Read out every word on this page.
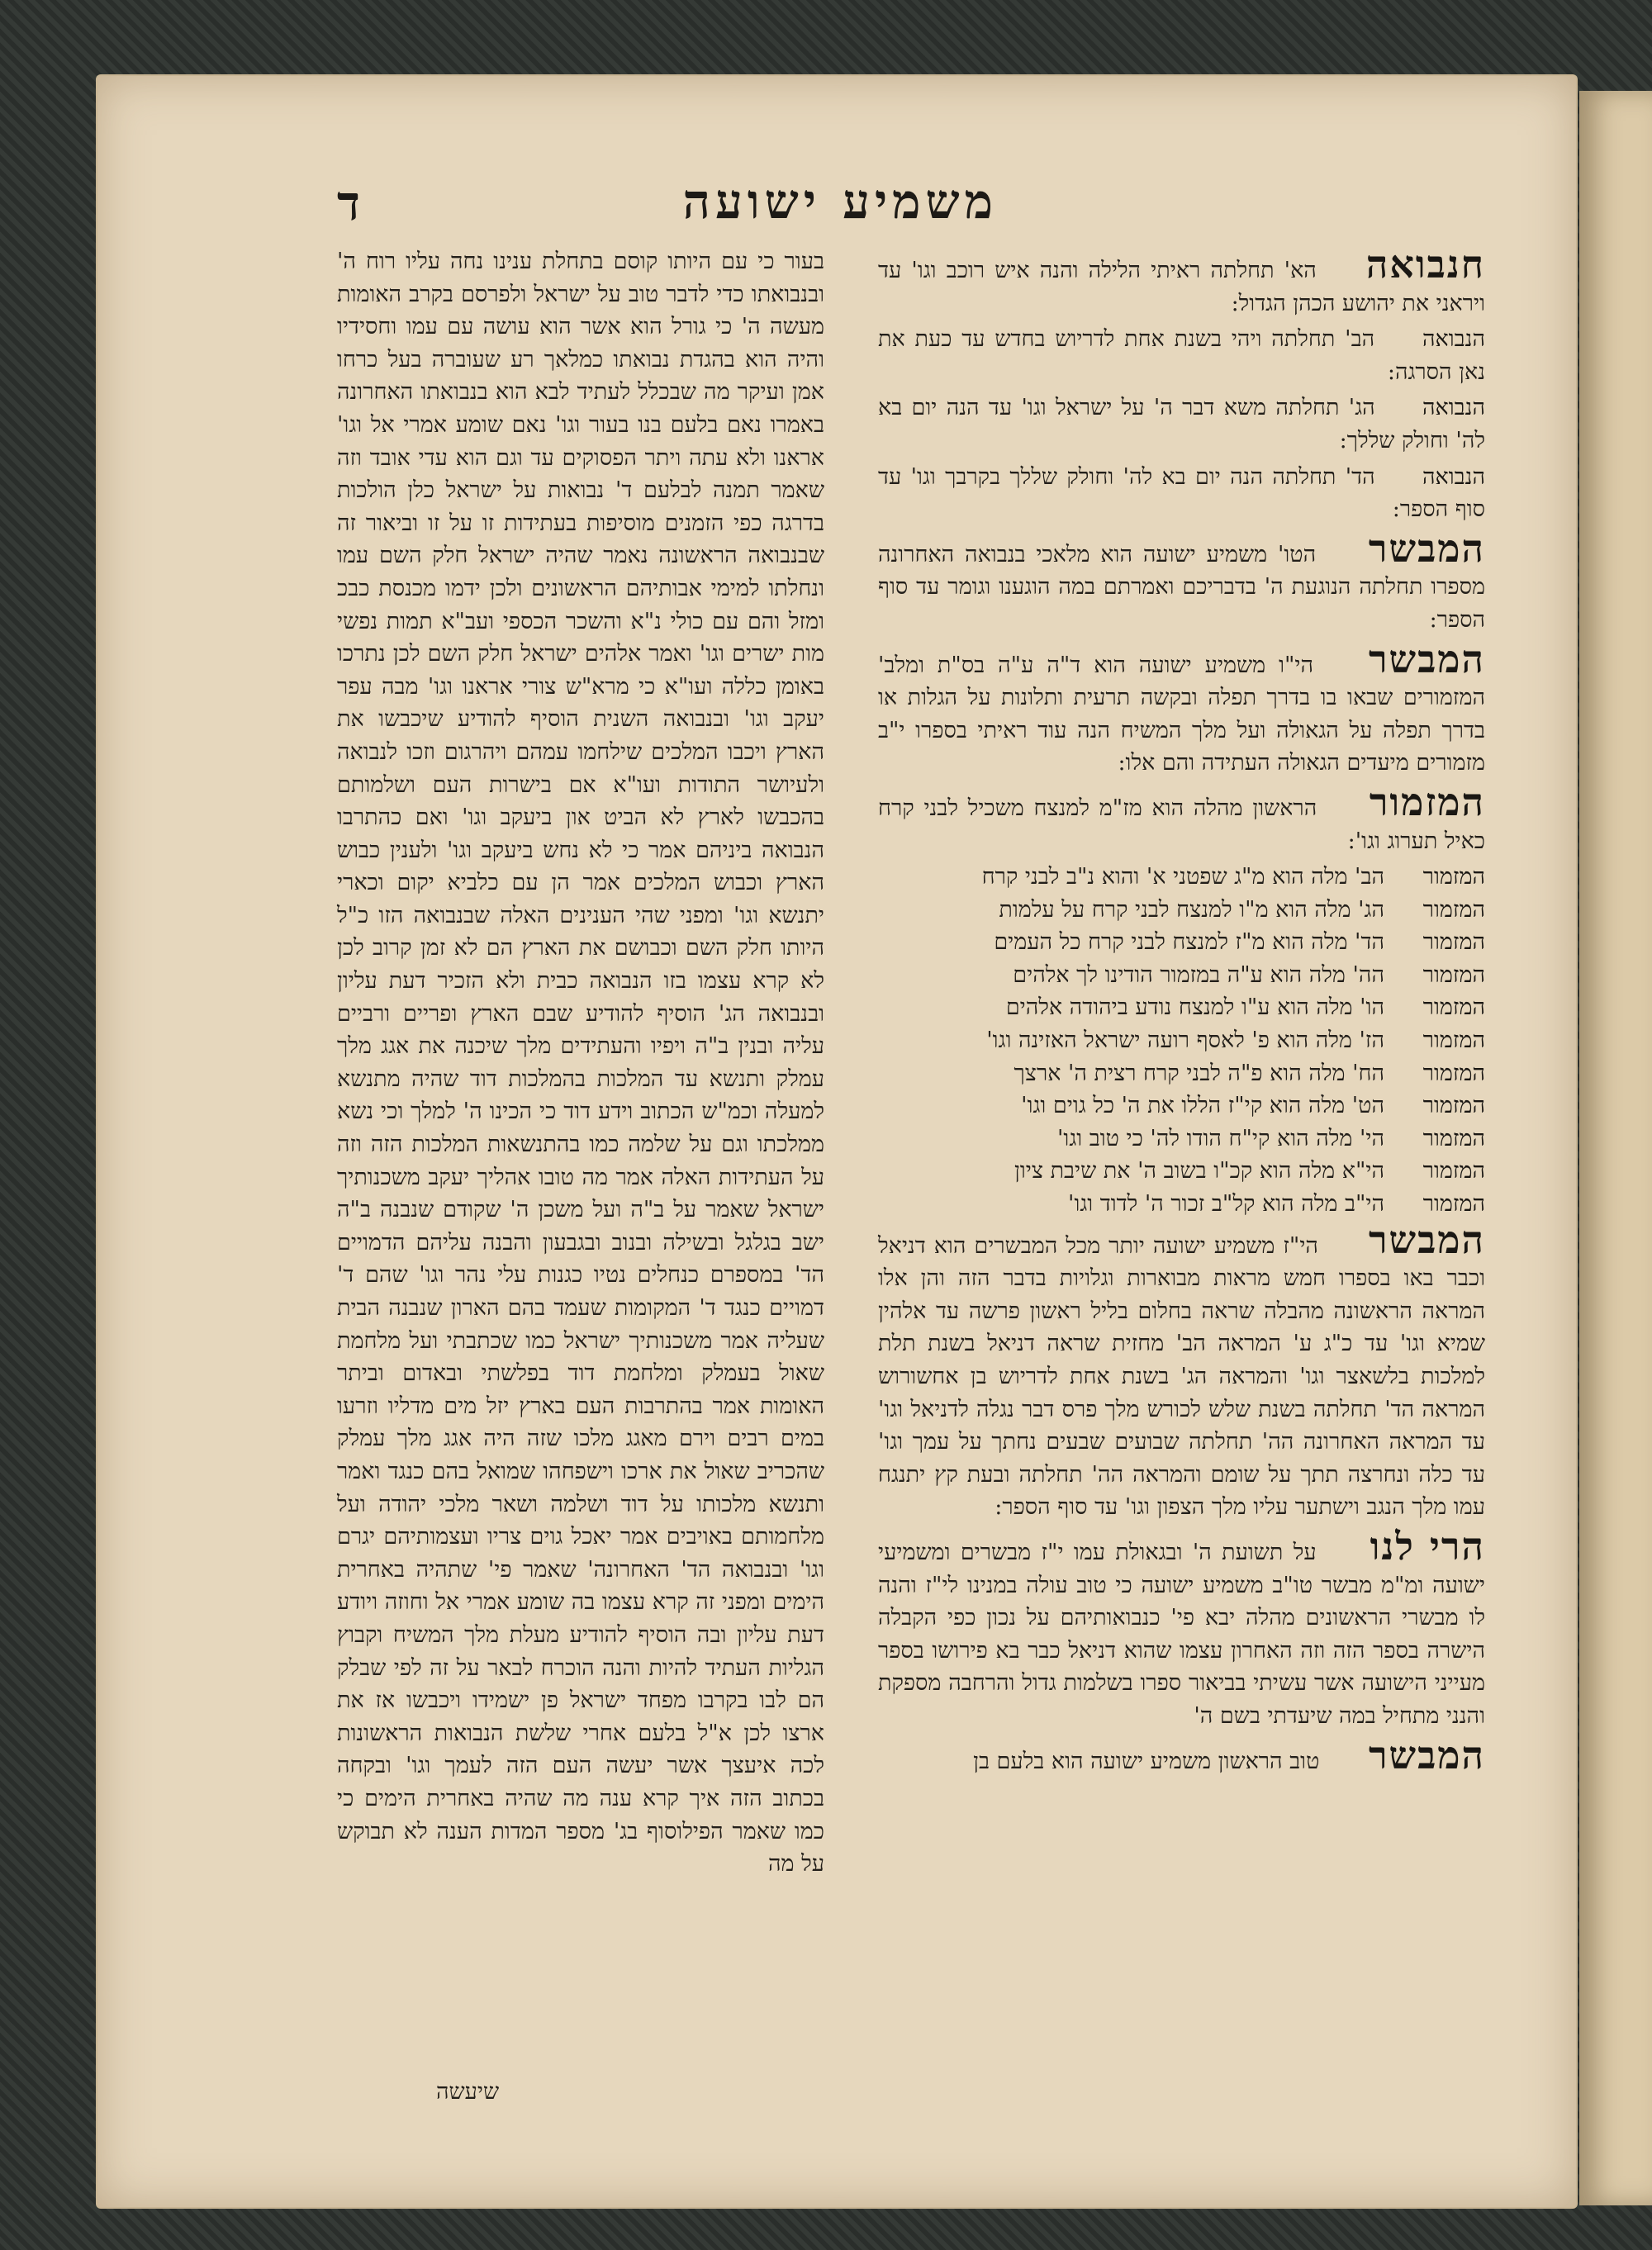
משמיע ישועה
ד
חנבואה הא' תחלתה ראיתי הלילה והנה איש רוכב וגו' עד ויראני את יהושע הכהן הגדול:
הנבואה הב' תחלתה ויהי בשנת אחת לדריוש בחדש עד כעת את נאן הסרגה:
הנבואה הג' תחלתה משא דבר ה' על ישראל וגו' עד הנה יום בא לה' וחולק שללך:
הנבואה הד' תחלתה הנה יום בא לה' וחולק שללך בקרבך וגו' עד סוף הספר:
המבשר הטו' משמיע ישועה הוא מלאכי בנבואה האחרונה מספרו תחלתה הנוגעת ה' בדבריכם ואמרתם במה הוגענו וגומר עד סוף הספר:
המבשר הי"ו משמיע ישועה הוא ד"ה ע"ה בס"ת ומלב' המזמורים שבאו בו בדרך תפלה ובקשה תרעית ותלונות על הגלות או בדרך תפלה על הגאולה ועל מלך המשיח הנה עוד ראיתי בספרו י"ב מזמורים מיעדים הגאולה העתידה והם אלו:
המזמור הראשון מהלה הוא מז"מ למנצח משכיל לבני קרח כאיל תערוג וגו':
המזמורהב' מלה הוא מ"ג שפטני א' והוא נ"ב לבני קרח
המזמורהג' מלה הוא מ"ו למנצח לבני קרח על עלמות
המזמורהד' מלה הוא מ"ז למנצח לבני קרח כל העמים
המזמורהה' מלה הוא ע"ה במזמור הודינו לך אלהים
המזמורהו' מלה הוא ע"ו למנצח נודע ביהודה אלהים
המזמורהז' מלה הוא פ' לאסף רועה ישראל האזינה וגו'
המזמורהח' מלה הוא פ"ה לבני קרח רצית ה' ארצך
המזמורהט' מלה הוא קי"ז הללו את ה' כל גוים וגו'
המזמורהי' מלה הוא קי"ח הודו לה' כי טוב וגו'
המזמורהי"א מלה הוא קכ"ו בשוב ה' את שיבת ציון
המזמורהי"ב מלה הוא קל"ב זכור ה' לדוד וגו'
המבשר הי"ז משמיע ישועה יותר מכל המבשרים הוא דניאל וכבר באו בספרו חמש מראות מבוארות וגלויות בדבר הזה והן אלו המראה הראשונה מהבלה שראה בחלום בליל ראשון פרשה עד אלהין שמיא וגו' עד כ"ג ע' המראה הב' מחזית שראה דניאל בשנת תלת למלכות בלשאצר וגו' והמראה הג' בשנת אחת לדריוש בן אחשורוש המראה הד' תחלתה בשנת שלש לכורש מלך פרס דבר נגלה לדניאל וגו' עד המראה האחרונה הה' תחלתה שבועים שבעים נחתך על עמך וגו' עד כלה ונחרצה תתך על שומם והמראה הה' תחלתה ובעת קץ יתנגח עמו מלך הנגב וישתער עליו מלך הצפון וגו' עד סוף הספר:
הרי לנו על תשועת ה' ובגאולת עמו י"ז מבשרים ומשמיעי ישועה ומ"מ מבשר טו"ב משמיע ישועה כי טוב עולה במנינו לי"ז והנה לו מבשרי הראשונים מהלה יבא פי' כנבואותיהם על נכון כפי הקבלה הישרה בספר הזה וזה האחרון עצמו שהוא דניאל כבר בא פירושו בספר מעייני הישועה אשר עשיתי בביאור ספרו בשלמות גדול והרחבה מספקת והנני מתחיל במה שיעדתי בשם ה'
המבשר טוב הראשון משמיע ישועה הוא בלעם בן
בעור כי עם היותו קוסם בתחלת ענינו נחה עליו רוח ה' ובנבואתו כדי לדבר טוב על ישראל ולפרסם בקרב האומות מעשה ה' כי גורל הוא אשר הוא עושה עם עמו וחסידיו והיה הוא בהגדת נבואתו כמלאך רע שעוברה בעל כרחו אמן ועיקר מה שבכלל לעתיד לבא הוא בנבואתו האחרונה באמרו נאם בלעם בנו בעור וגו' נאם שומע אמרי אל וגו' אראנו ולא עתה ויתר הפסוקים עד וגם הוא עדי אובד וזה שאמר תמנה לבלעם ד' נבואות על ישראל כלן הולכות בדרגה כפי הזמנים מוסיפות בעתידות זו על זו וביאור זה שבנבואה הראשונה נאמר שהיה ישראל חלק השם עמו ונחלתו למימי אבותיהם הראשונים ולכן ידמו מכנסת כבכ ומזל והם עם כולי נ"א והשכר הכספי ועב"א תמות נפשי מות ישרים וגו' ואמר אלהים ישראל חלק השם לכן נתרכו באומן כללה ועו"א כי מרא"ש צורי אראנו וגו' מבה עפר יעקב וגו' ובנבואה השנית הוסיף להודיע שיכבשו את הארץ ויכבו המלכים שילחמו עמהם ויהרגום וזכו לנבואה ולעיושר התודות ועו"א אם בישרות העם ושלמותם בהכבשו לארץ לא הביט און ביעקב וגו' ואם כהתרבו הנבואה ביניהם אמר כי לא נחש ביעקב וגו' ולענין כבוש הארץ וכבוש המלכים אמר הן עם כלביא יקום וכארי יתנשא וגו' ומפני שהי הענינים האלה שבנבואה הזו כ"ל היותו חלק השם וכבושם את הארץ הם לא זמן קרוב לכן לא קרא עצמו בזו הנבואה כבית ולא הזכיר דעת עליון ובנבואה הג' הוסיף להודיע שבם הארץ ופריים ורביים עליה ובנין ב"ה ויפיו והעתידים מלך שיכנה את אגג מלך עמלק ותנשא עד המלכות בהמלכות דוד שהיה מתנשא למעלה וכמ"ש הכתוב וידע דוד כי הכינו ה' למלך וכי נשא ממלכתו וגם על שלמה כמו בהתנשאות המלכות הזה וזה על העתידות האלה אמר מה טובו אהליך יעקב משכנותיך ישראל שאמר על ב"ה ועל משכן ה' שקודם שנבנה ב"ה ישב בגלגל ובשילה ובנוב ובגבעון והבנה עליהם הדמויים הד' במספרם כנחלים נטיו כגנות עלי נהר וגו' שהם ד' דמויים כנגד ד' המקומות שעמד בהם הארון שנבנה הבית שעליה אמר משכנותיך ישראל כמו שכתבתי ועל מלחמת שאול בעמלק ומלחמת דוד בפלשתי ובאדום וביתר האומות אמר בהתרבות העם בארץ יזל מים מדליו וזרעו במים רבים וירם מאגג מלכו שזה היה אגג מלך עמלק שהכריב שאול את ארכו וישפחהו שמואל בהם כנגד ואמר ותנשא מלכותו על דוד ושלמה ושאר מלכי יהודה ועל מלחמותם באויבים אמר יאכל גוים צריו ועצמותיהם יגרם וגו' ובנבואה הד' האחרונה' שאמר פי' שתהיה באחרית הימים ומפני זה קרא עצמו בה שומע אמרי אל וחוזה ויודע דעת עליון ובה הוסיף להודיע מעלת מלך המשיח וקבוץ הגליות העתיד להיות והנה הוכרח לבאר על זה לפי שבלק הם לבו בקרבו מפחד ישראל פן ישמידו ויכבשו אז את ארצו לכן א"ל בלעם אחרי שלשת הנבואות הראשונות לכה איעצך אשר יעשה העם הזה לעמך וגו' ובקחה בכתוב הזה איך קרא ענה מה שהיה באחרית הימים כי כמו שאמר הפילוסוף בג' מספר המדות הענה לא תבוקש על מה
שיעשה
